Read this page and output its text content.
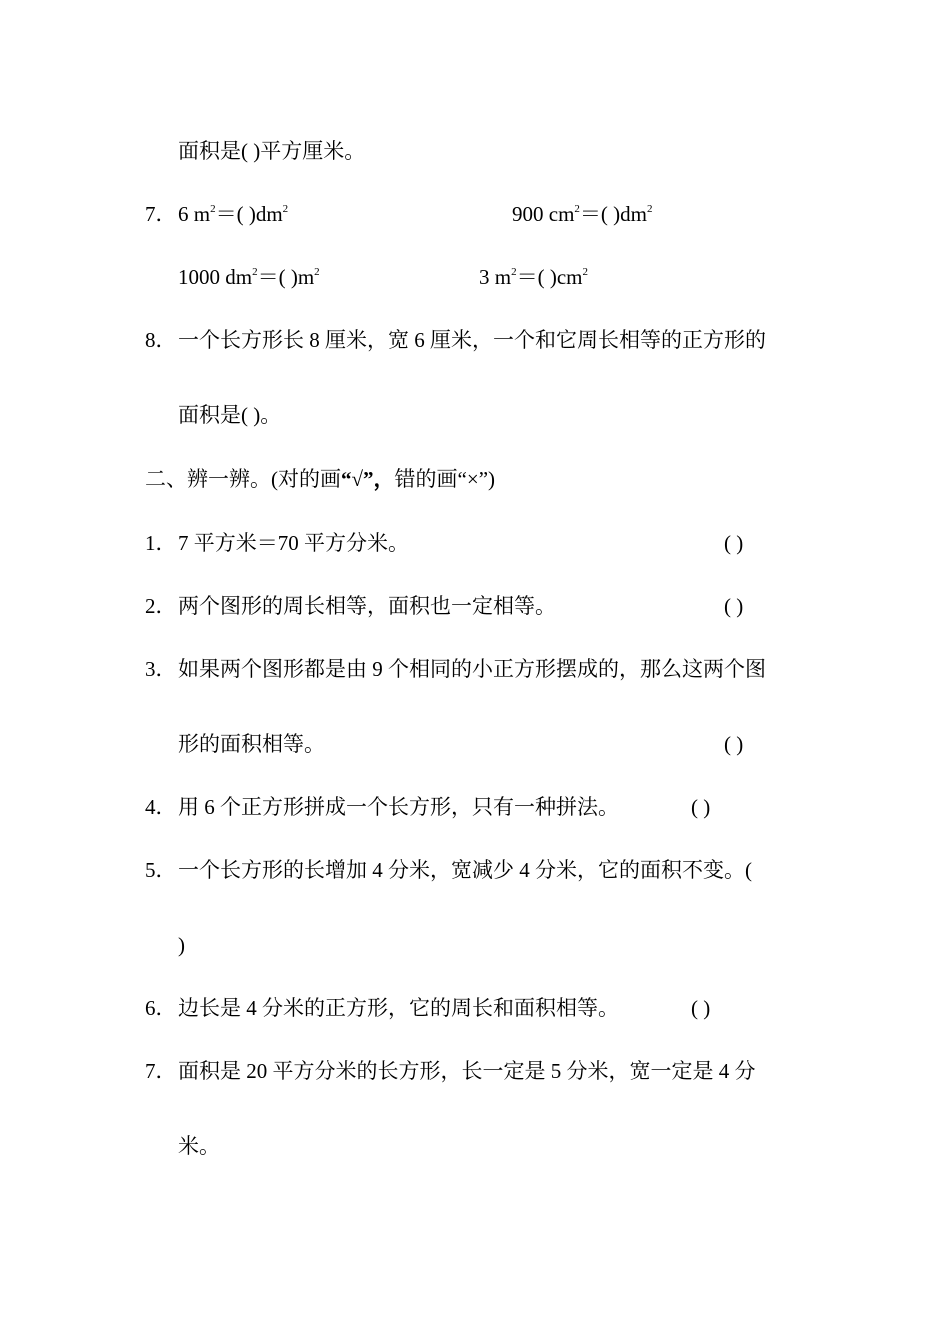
面积是( )平方厘米。
7． 6 $m^2=$( )$dm^2$	900 $cm^2=$( )$dm^2$
1000 $dm^2=$( )$m^2$	3 $m^2=$( )$cm^2$
8． 一个长方形长 8 厘米，宽 6 厘米，一个和它周长相等的正方形的
面积是( )。
二、辨一辨。(对的画“√”，错的画“×”)
1． 7 平方米＝70 平方分米。	( )
2． 两个图形的周长相等，面积也一定相等。	( )
3． 如果两个图形都是由 9 个相同的小正方形摆成的，那么这两个图
形的面积相等。	( )
4． 用 6 个正方形拼成一个长方形，只有一种拼法。	( )
5． 一个长方形的长增加 4 分米，宽减少 4 分米，它的面积不变。(
)
6． 边长是 4 分米的正方形，它的周长和面积相等。	( )
7． 面积是 20 平方分米的长方形，长一定是 5 分米，宽一定是 4 分
米。
